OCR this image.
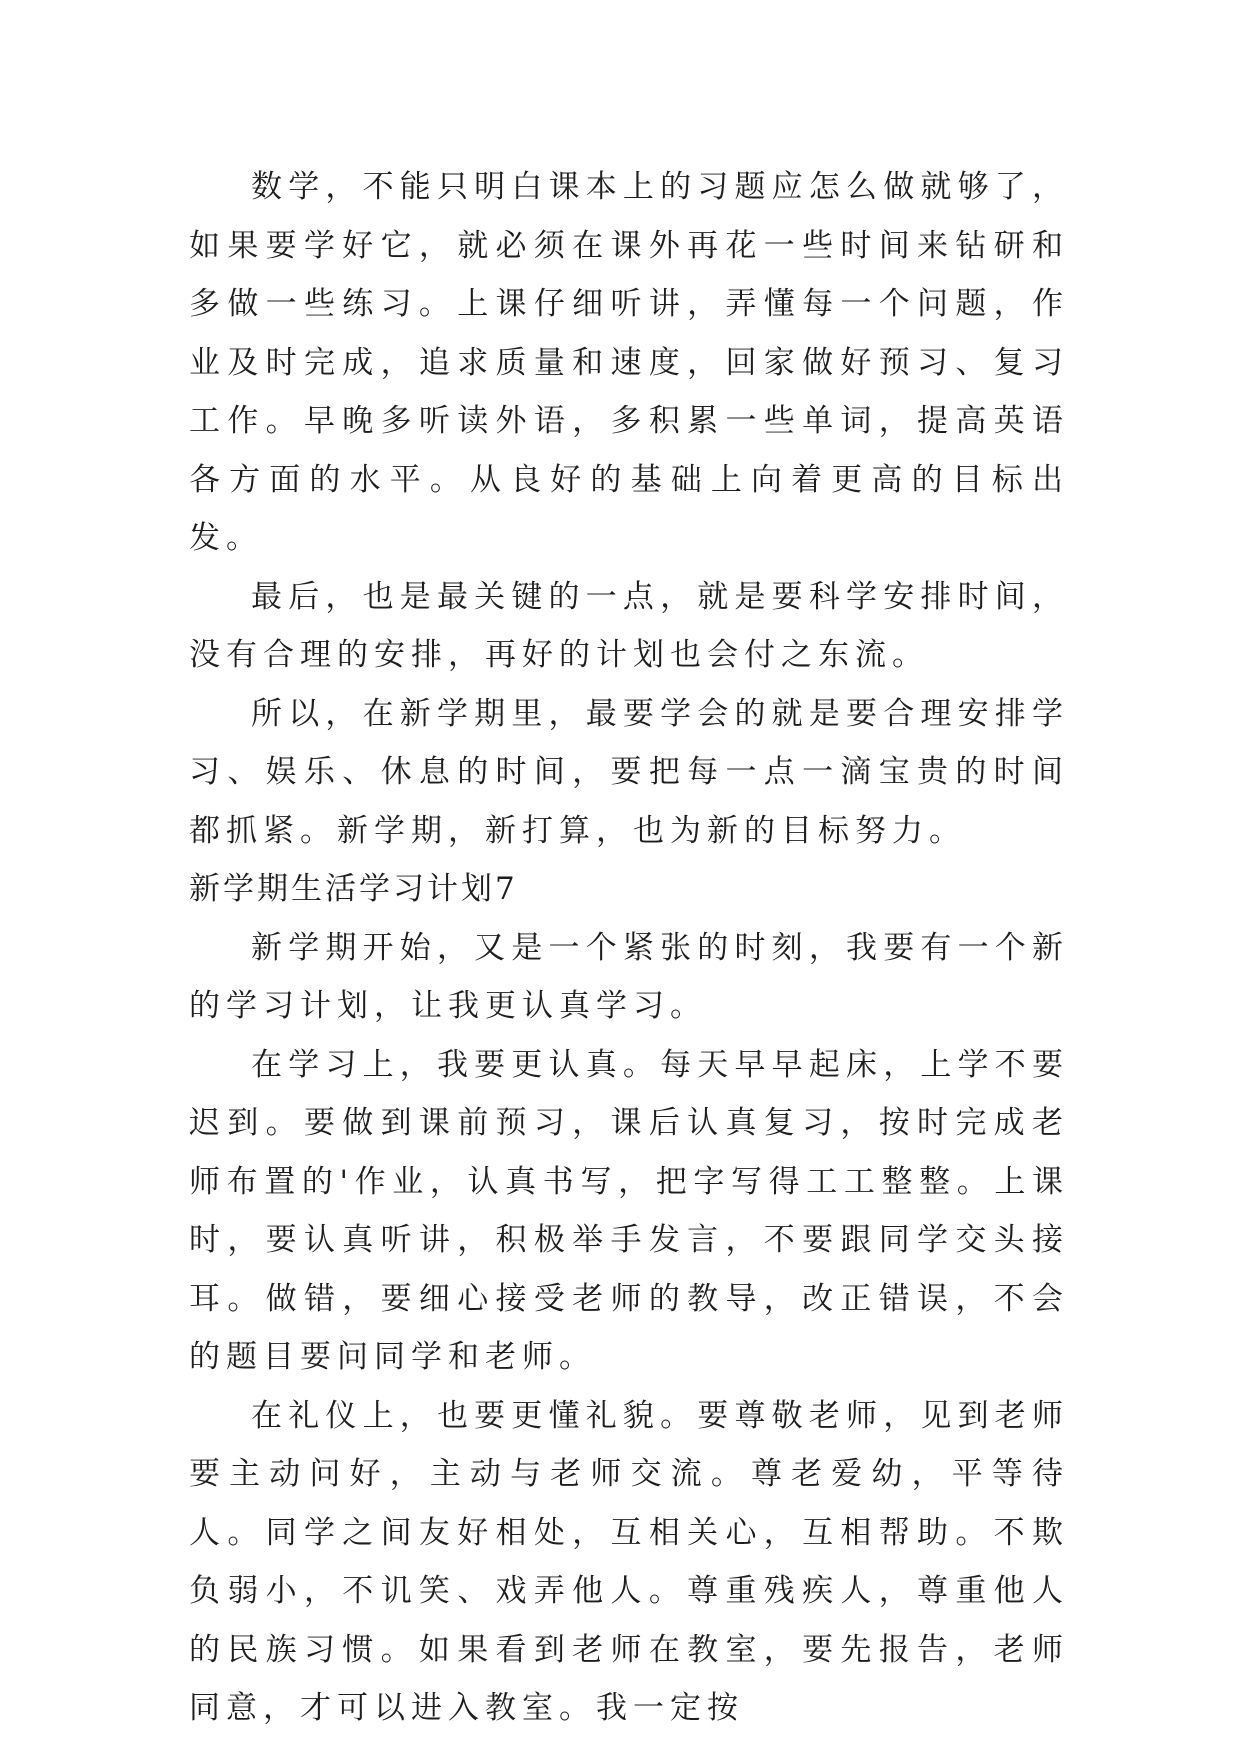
数学，不能只明白课本上的习题应怎么做就够了，如果要学好它，就必须在课外再花一些时间来钻研和多做一些练习。上课仔细听讲，弄懂每一个问题，作业及时完成，追求质量和速度，回家做好预习、复习工作。早晚多听读外语，多积累一些单词，提高英语各方面的水平。从良好的基础上向着更高的目标出发。

最后，也是最关键的一点，就是要科学安排时间，没有合理的安排，再好的计划也会付之东流。

所以，在新学期里，最要学会的就是要合理安排学习、娱乐、休息的时间，要把每一点一滴宝贵的时间都抓紧。新学期，新打算，也为新的目标努力。

新学期生活学习计划7

新学期开始，又是一个紧张的时刻，我要有一个新的学习计划，让我更认真学习。

在学习上，我要更认真。每天早早起床，上学不要迟到。要做到课前预习，课后认真复习，按时完成老师布置的'作业，认真书写，把字写得工工整整。上课时，要认真听讲，积极举手发言，不要跟同学交头接耳。做错，要细心接受老师的教导，改正错误，不会的题目要问同学和老师。

在礼仪上，也要更懂礼貌。要尊敬老师，见到老师要主动问好，主动与老师交流。尊老爱幼，平等待人。同学之间友好相处，互相关心，互相帮助。不欺负弱小，不讥笑、戏弄他人。尊重残疾人，尊重他人的民族习惯。如果看到老师在教室，要先报告，老师同意，才可以进入教室。我一定按
